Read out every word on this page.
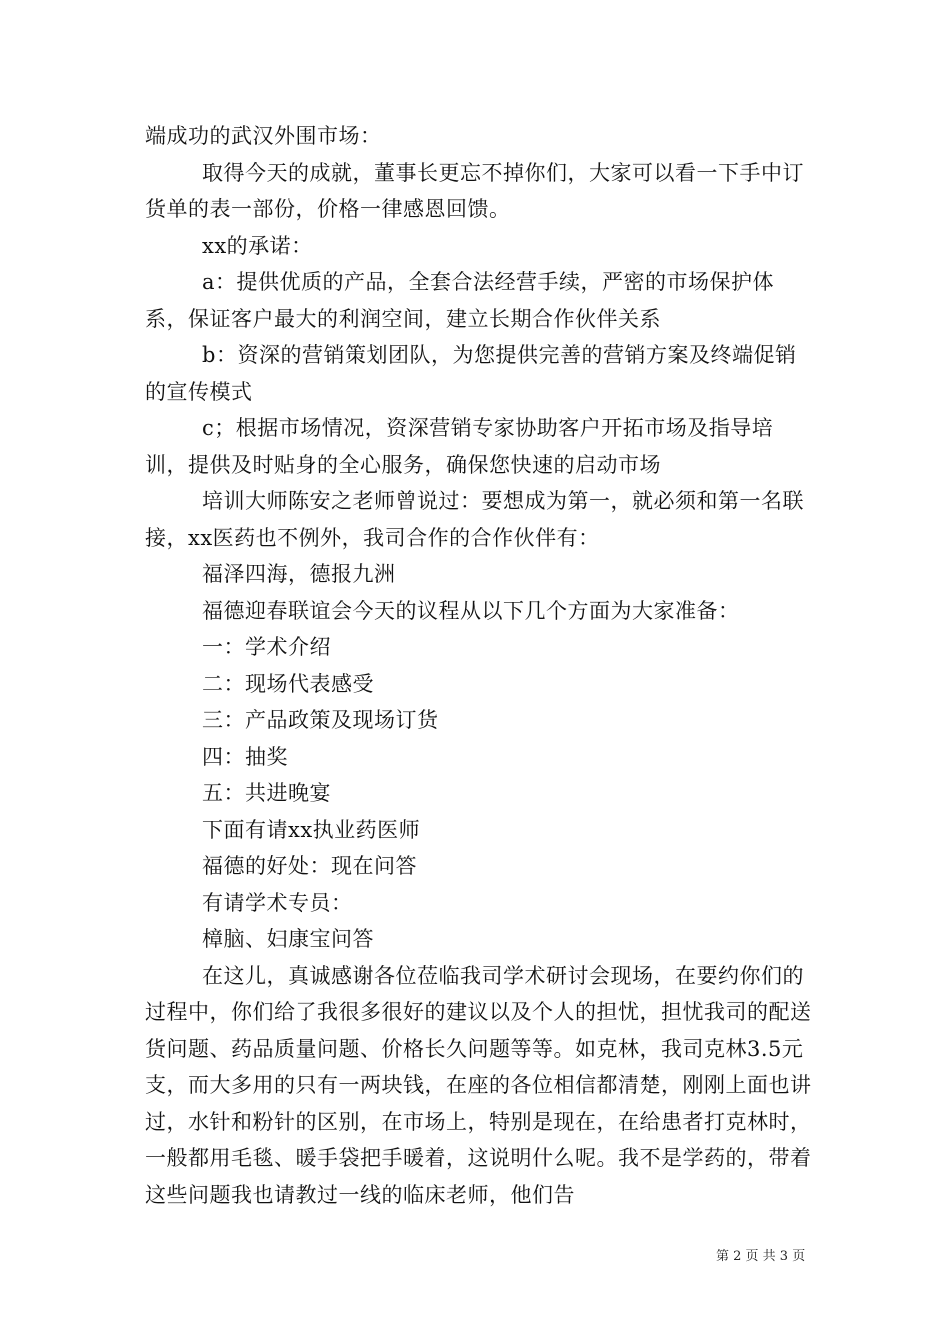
端成功的武汉外围市场：

取得今天的成就，董事长更忘不掉你们，大家可以看一下手中订货单的表一部份，价格一律感恩回馈。

xx的承诺：

a：提供优质的产品，全套合法经营手续，严密的市场保护体系，保证客户最大的利润空间，建立长期合作伙伴关系

b：资深的营销策划团队，为您提供完善的营销方案及终端促销的宣传模式

c；根据市场情况，资深营销专家协助客户开拓市场及指导培训，提供及时贴身的全心服务，确保您快速的启动市场

培训大师陈安之老师曾说过：要想成为第一，就必须和第一名联接，xx医药也不例外，我司合作的合作伙伴有：

福泽四海，德报九洲

福德迎春联谊会今天的议程从以下几个方面为大家准备：

一：学术介绍

二：现场代表感受

三：产品政策及现场订货

四：抽奖

五：共进晚宴

下面有请xx执业药医师

福德的好处：现在问答

有请学术专员：

樟脑、妇康宝问答

在这儿，真诚感谢各位莅临我司学术研讨会现场，在要约你们的过程中，你们给了我很多很好的建议以及个人的担忧，担忧我司的配送货问题、药品质量问题、价格长久问题等等。如克林，我司克林3.5元支，而大多用的只有一两块钱，在座的各位相信都清楚，刚刚上面也讲过，水针和粉针的区别，在市场上，特别是现在，在给患者打克林时，一般都用毛毯、暖手袋把手暖着，这说明什么呢。我不是学药的，带着这些问题我也请教过一线的临床老师，他们告

第 2 页 共 3 页
